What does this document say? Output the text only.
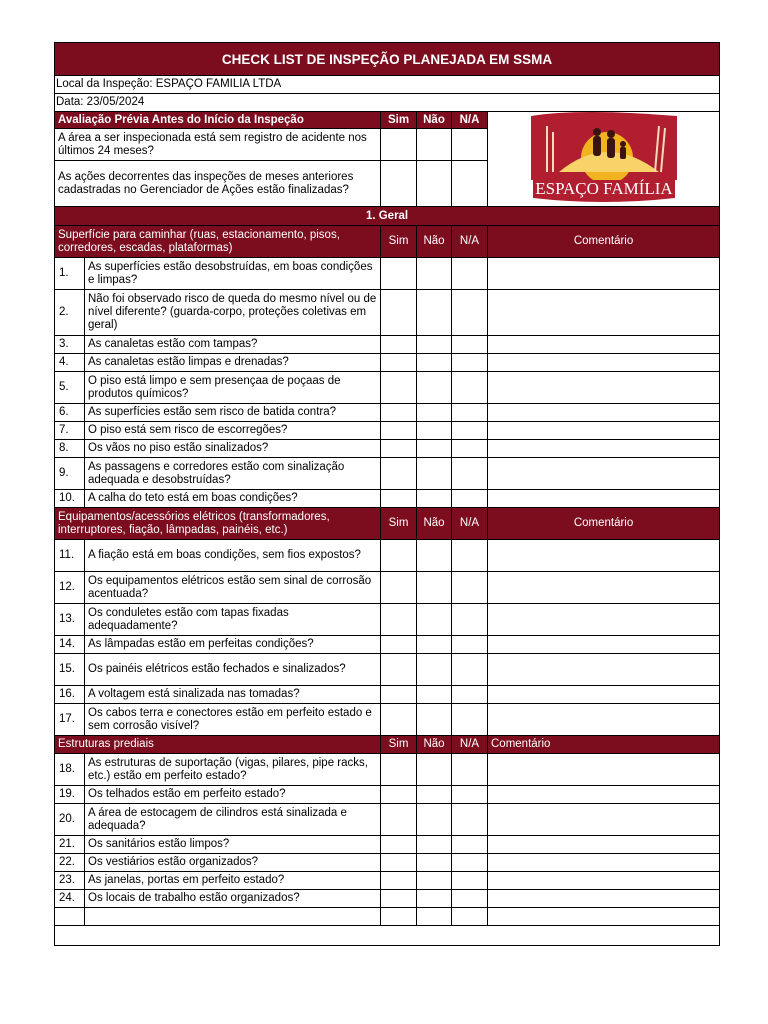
CHECK LIST DE INSPEÇÃO PLANEJADA EM SSMA					
Local da Inspeção: ESPAÇO FAMILIA LTDA					
Data: 23/05/2024					
Avaliação Prévia Antes do Início da Inspeção		Sim	Não	N/A	ESPAÇO FAMÍLIA

A área a ser inspecionada está sem registro de acidente nos últimos 24 meses?					
As ações decorrentes das inspeções de meses anteriores cadastradas no Gerenciador de Ações estão finalizadas?					
1. Geral					
Superfície para caminhar (ruas, estacionamento, pisos, corredores, escadas, plataformas)		Sim	Não	N/A	Comentário
1.	As superfícies estão desobstruídas, em boas condições e limpas?				
2.	Não foi observado risco de queda do mesmo nível ou de nível diferente? (guarda-corpo, proteções coletivas em geral)				
3.	As canaletas estão com tampas?				
4.	As canaletas estão limpas e drenadas?				
5.	O piso está limpo e sem presençaa de poçaas de produtos químicos?				
6.	As superfícies estão sem risco de batida contra?				
7.	O piso está sem risco de escorregões?				
8.	Os vãos no piso estão sinalizados?				
9.	As passagens e corredores estão com sinalização adequada e desobstruídas?				
10.	A calha do teto está em boas condições?				
Equipamentos/acessórios elétricos (transformadores, interruptores, fiação, lâmpadas, painéis, etc.)		Sim	Não	N/A	Comentário
11.	A fiação está em boas condições, sem fios expostos?				
12.	Os equipamentos elétricos estão sem sinal de corrosão acentuada?				
13.	Os conduletes estão com tapas fixadas adequadamente?				
14.	As lâmpadas estão em perfeitas condições?				
15.	Os painéis elétricos estão fechados e sinalizados?				
16.	A voltagem está sinalizada nas tomadas?				
17.	Os cabos terra e conectores estão em perfeito estado e sem corrosão visível?				
Estruturas prediais		Sim	Não	N/A	Comentário
18.	As estruturas de suportação (vigas, pilares, pipe racks, etc.) estão em perfeito estado?				
19.	Os telhados estão em perfeito estado?				
20.	A área de estocagem de cilindros está sinalizada e adequada?				
21.	Os sanitários estão limpos?				
22.	Os vestiários estão organizados?				
23.	As janelas, portas em perfeito estado?				
24.	Os locais de trabalho estão organizados?				
